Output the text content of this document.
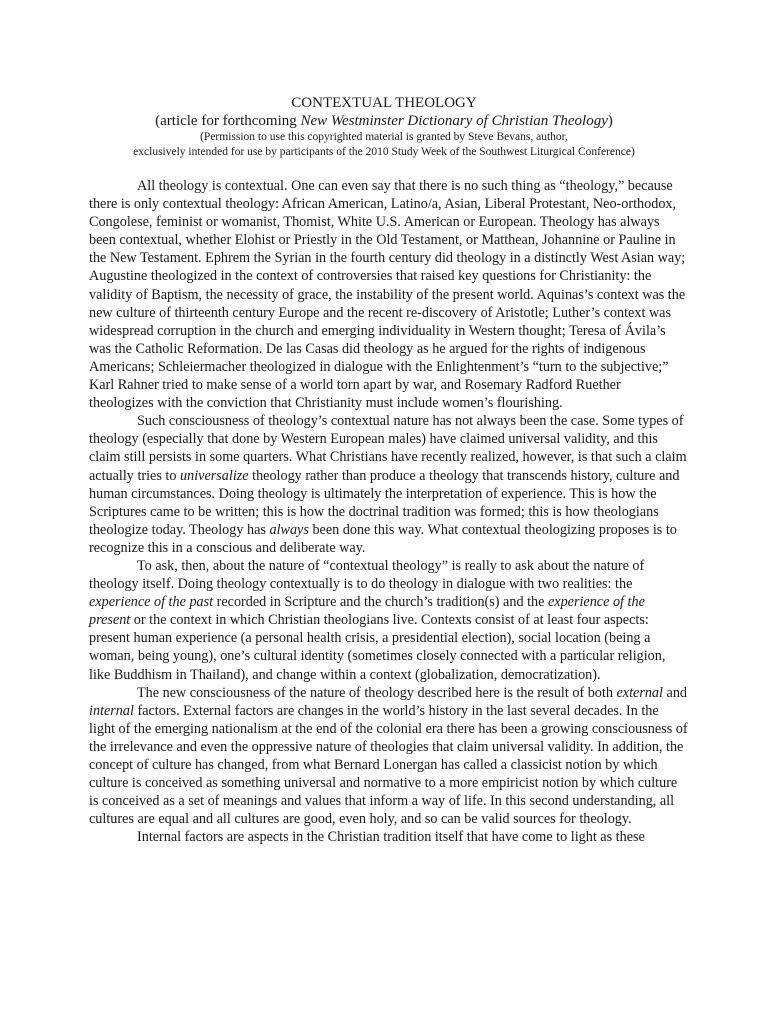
CONTEXTUAL THEOLOGY
(article for forthcoming New Westminster Dictionary of Christian Theology)
(Permission to use this copyrighted material is granted by Steve Bevans, author,
exclusively intended for use by participants of the 2010 Study Week of the Southwest Liturgical Conference)

All theology is contextual. One can even say that there is no such thing as “theology,” because there is only contextual theology: African American, Latino/a, Asian, Liberal Protestant, Neo-orthodox, Congolese, feminist or womanist, Thomist, White U.S. American or European. Theology has always been contextual, whether Elohist or Priestly in the Old Testament, or Matthean, Johannine or Pauline in the New Testament. Ephrem the Syrian in the fourth century did theology in a distinctly West Asian way; Augustine theologized in the context of controversies that raised key questions for Christianity: the validity of Baptism, the necessity of grace, the instability of the present world. Aquinas’s context was the new culture of thirteenth century Europe and the recent re-discovery of Aristotle; Luther’s context was widespread corruption in the church and emerging individuality in Western thought; Teresa of Ávila’s was the Catholic Reformation. De las Casas did theology as he argued for the rights of indigenous Americans; Schleiermacher theologized in dialogue with the Enlightenment’s “turn to the subjective;” Karl Rahner tried to make sense of a world torn apart by war, and Rosemary Radford Ruether theologizes with the conviction that Christianity must include women’s flourishing.

Such consciousness of theology’s contextual nature has not always been the case. Some types of theology (especially that done by Western European males) have claimed universal validity, and this claim still persists in some quarters. What Christians have recently realized, however, is that such a claim actually tries to universalize theology rather than produce a theology that transcends history, culture and human circumstances. Doing theology is ultimately the interpretation of experience. This is how the Scriptures came to be written; this is how the doctrinal tradition was formed; this is how theologians theologize today. Theology has always been done this way. What contextual theologizing proposes is to recognize this in a conscious and deliberate way.

To ask, then, about the nature of “contextual theology” is really to ask about the nature of theology itself. Doing theology contextually is to do theology in dialogue with two realities: the experience of the past recorded in Scripture and the church’s tradition(s) and the experience of the present or the context in which Christian theologians live. Contexts consist of at least four aspects: present human experience (a personal health crisis, a presidential election), social location (being a woman, being young), one’s cultural identity (sometimes closely connected with a particular religion, like Buddhism in Thailand), and change within a context (globalization, democratization).

The new consciousness of the nature of theology described here is the result of both external and internal factors. External factors are changes in the world’s history in the last several decades. In the light of the emerging nationalism at the end of the colonial era there has been a growing consciousness of the irrelevance and even the oppressive nature of theologies that claim universal validity. In addition, the concept of culture has changed, from what Bernard Lonergan has called a classicist notion by which culture is conceived as something universal and normative to a more empiricist notion by which culture is conceived as a set of meanings and values that inform a way of life. In this second understanding, all cultures are equal and all cultures are good, even holy, and so can be valid sources for theology.

Internal factors are aspects in the Christian tradition itself that have come to light as these
